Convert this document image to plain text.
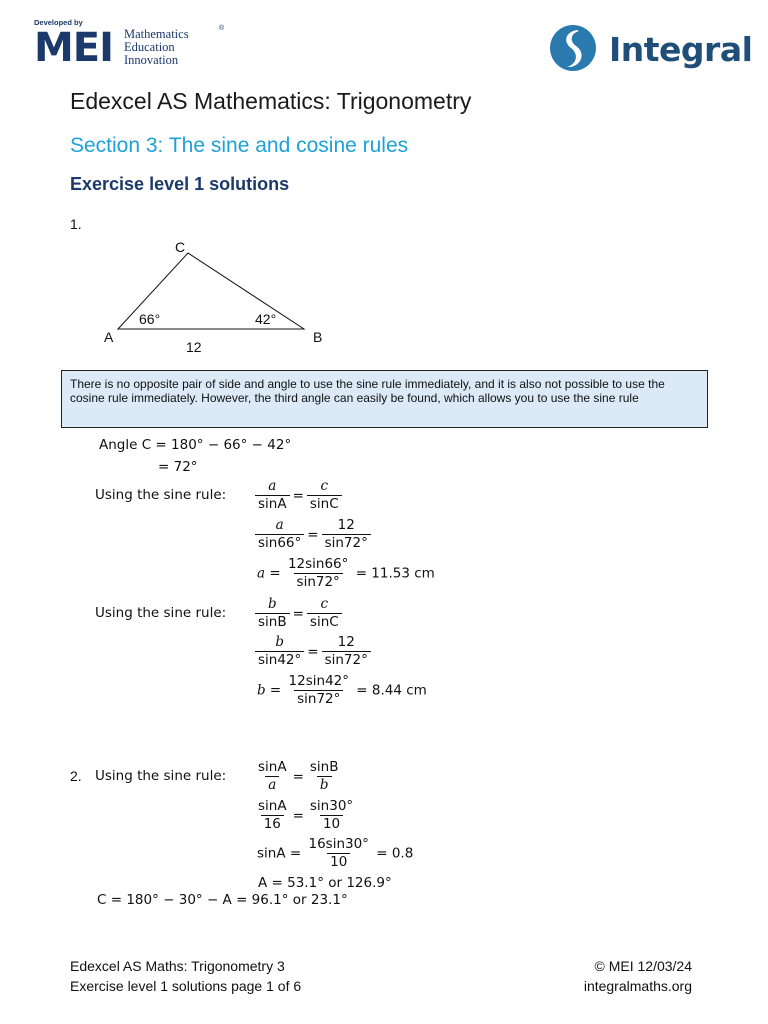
Developed by
MEI Mathematics
Education
Innovation
®
Integral
Edexcel AS Mathematics: Trigonometry
Section 3: The sine and cosine rules
Exercise level 1 solutions
1.
C
A	B
66°	42°
12
There is no opposite pair of side and angle to use the sine rule immediately, and it is also not possible to use the cosine rule immediately. However, the third angle can easily be found, which allows you to use the sine rule
Angle C = 180° − 66° − 42°
= 72°
Using the sine rule: $\frac{a}{\sin A} = \frac{c}{\sin C}$
$\frac{a}{\sin 66^\circ} = \frac{12}{\sin 72^\circ}$
$a = \frac{12\sin 66^\circ}{\sin 72^\circ} = 11.53$ cm
Using the sine rule: $\frac{b}{\sin B} = \frac{c}{\sin C}$
$\frac{b}{\sin 42^\circ} = \frac{12}{\sin 72^\circ}$
$b = \frac{12\sin 42^\circ}{\sin 72^\circ} = 8.44$ cm
2. Using the sine rule: $\frac{\sin A}{a} = \frac{\sin B}{b}$
$\frac{\sin A}{16} = \frac{\sin 30^\circ}{10}$
$\sin A = \frac{16\sin 30^\circ}{10} = 0.8$
A = 53.1° or 126.9°
C = 180° − 30° − A = 96.1° or 23.1°
Edexcel AS Maths: Trigonometry 3
Exercise level 1 solutions page 1 of 6
© MEI 12/03/24
integralmaths.org
